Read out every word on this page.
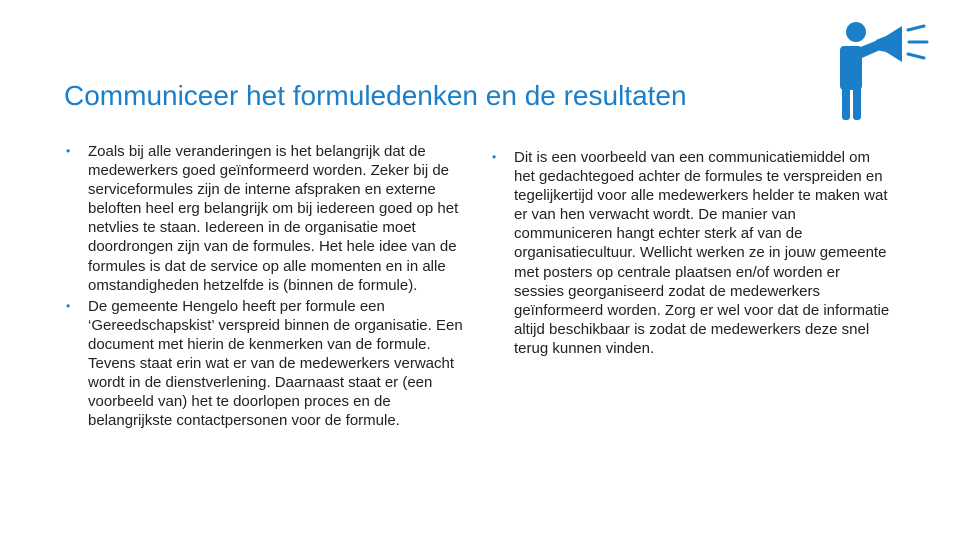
Communiceer het formuledenken en de resultaten
• Zoals bij alle veranderingen is het belangrijk dat de medewerkers goed geïnformeerd worden. Zeker bij de serviceformules zijn de interne afspraken en externe beloften heel erg belangrijk om bij iedereen goed op het netvlies te staan. Iedereen in de organisatie moet doordrongen zijn van de formules. Het hele idee van de formules is dat de service op alle momenten en in alle omstandigheden hetzelfde is (binnen de formule).
• De gemeente Hengelo heeft per formule een ‘Gereedschapskist’ verspreid binnen de organisatie. Een document met hierin de kenmerken van de formule. Tevens staat erin wat er van de medewerkers verwacht wordt in de dienstverlening. Daarnaast staat er (een voorbeeld van) het te doorlopen proces en de belangrijkste contactpersonen voor de formule.
• Dit is een voorbeeld van een communicatiemiddel om het gedachtegoed achter de formules te verspreiden en tegelijkertijd voor alle medewerkers helder te maken wat er van hen verwacht wordt. De manier van communiceren hangt echter sterk af van de organisatiecultuur. Wellicht werken ze in jouw gemeente met posters op centrale plaatsen en/of worden er sessies georganiseerd zodat de medewerkers geïnformeerd worden. Zorg er wel voor dat de informatie altijd beschikbaar is zodat de medewerkers deze snel terug kunnen vinden.
